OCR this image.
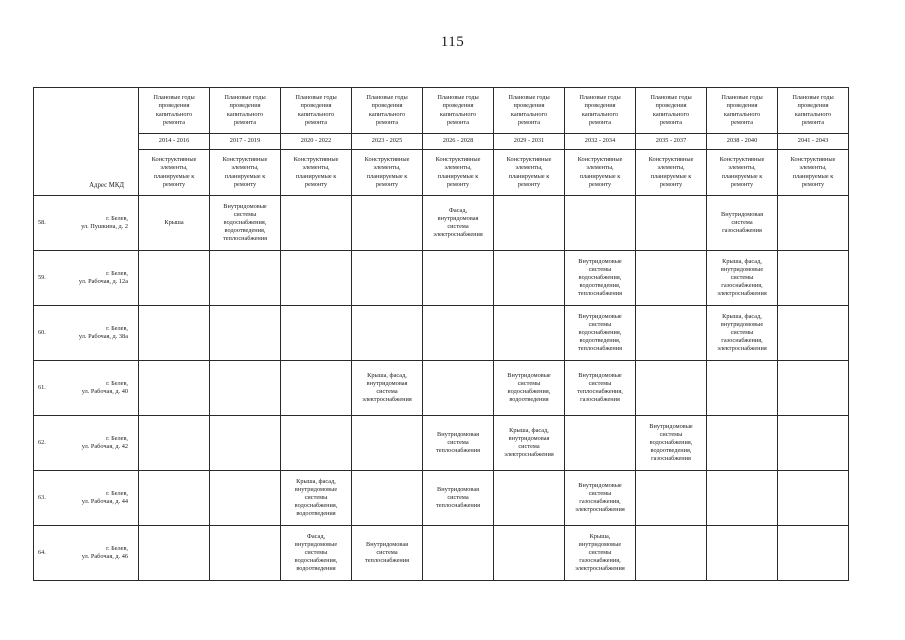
115
Адрес МКД		Плановые годы
проведения
капитального
ремонта	Плановые годы
проведения
капитального
ремонта	Плановые годы
проведения
капитального
ремонта	Плановые годы
проведения
капитального
ремонта	Плановые годы
проведения
капитального
ремонта	Плановые годы
проведения
капитального
ремонта	Плановые годы
проведения
капитального
ремонта	Плановые годы
проведения
капитального
ремонта	Плановые годы
проведения
капитального
ремонта	Плановые годы
проведения
капитального
ремонта

		2014 - 2016	2017 - 2019	2020 - 2022	2023 - 2025	2026 - 2028	2029 - 2031	2032 - 2034	2035 - 2037	2038 - 2040	2041 - 2043

		Конструктивные
элементы,
планируемые к
ремонту	Конструктивные
элементы,
планируемые к
ремонту	Конструктивные
элементы,
планируемые к
ремонту	Конструктивные
элементы,
планируемые к
ремонту	Конструктивные
элементы,
планируемые к
ремонту	Конструктивные
элементы,
планируемые к
ремонту	Конструктивные
элементы,
планируемые к
ремонту	Конструктивные
элементы,
планируемые к
ремонту	Конструктивные
элементы,
планируемые к
ремонту	Конструктивные
элементы,
планируемые к
ремонту

58.	г. Белев,
ул. Пушкина, д. 2	Крыша	Внутридомовые
системы
водоснабжения,
водоотведения,
теплоснабжения			Фасад,
внутридомовая
система
электроснабжения				Внутридомовая
система
газоснабжения	

59.	г. Белев,
ул. Рабочая, д. 12а							Внутридомовые
системы
водоснабжения,
водоотведения,
теплоснабжения		Крыша, фасад,
внутридомовые
системы
газоснабжения,
электроснабжения	

60.	г. Белев,
ул. Рабочая, д. 38а							Внутридомовые
системы
водоснабжения,
водоотведения,
теплоснабжения		Крыша, фасад,
внутридомовые
системы
газоснабжения,
электроснабжения	

61.	г. Белев,
ул. Рабочая, д. 40				Крыша, фасад,
внутридомовая
система
электроснабжения		Внутридомовые
системы
водоснабжения,
водоотведения	Внутридомовые
системы
теплоснабжения,
газоснабжения			

62.	г. Белев,
ул. Рабочая, д. 42					Внутридомовая
система
теплоснабжения	Крыша, фасад,
внутридомовая
система
электроснабжения		Внутридомовые
системы
водоснабжения,
водоотведения,
газоснабжения		

63.	г. Белев,
ул. Рабочая, д. 44			Крыша, фасад,
внутридомовые
системы
водоснабжения,
водоотведения		Внутридомовая
система
теплоснабжения		Внутридомовые
системы
газоснабжения,
электроснабжения			

64.	г. Белев,
ул. Рабочая, д. 46			Фасад,
внутридомовые
системы
водоснабжения,
водоотведения	Внутридомовая
система
теплоснабжения			Крыша,
внутридомовые
системы
газоснабжения,
электроснабжения			
